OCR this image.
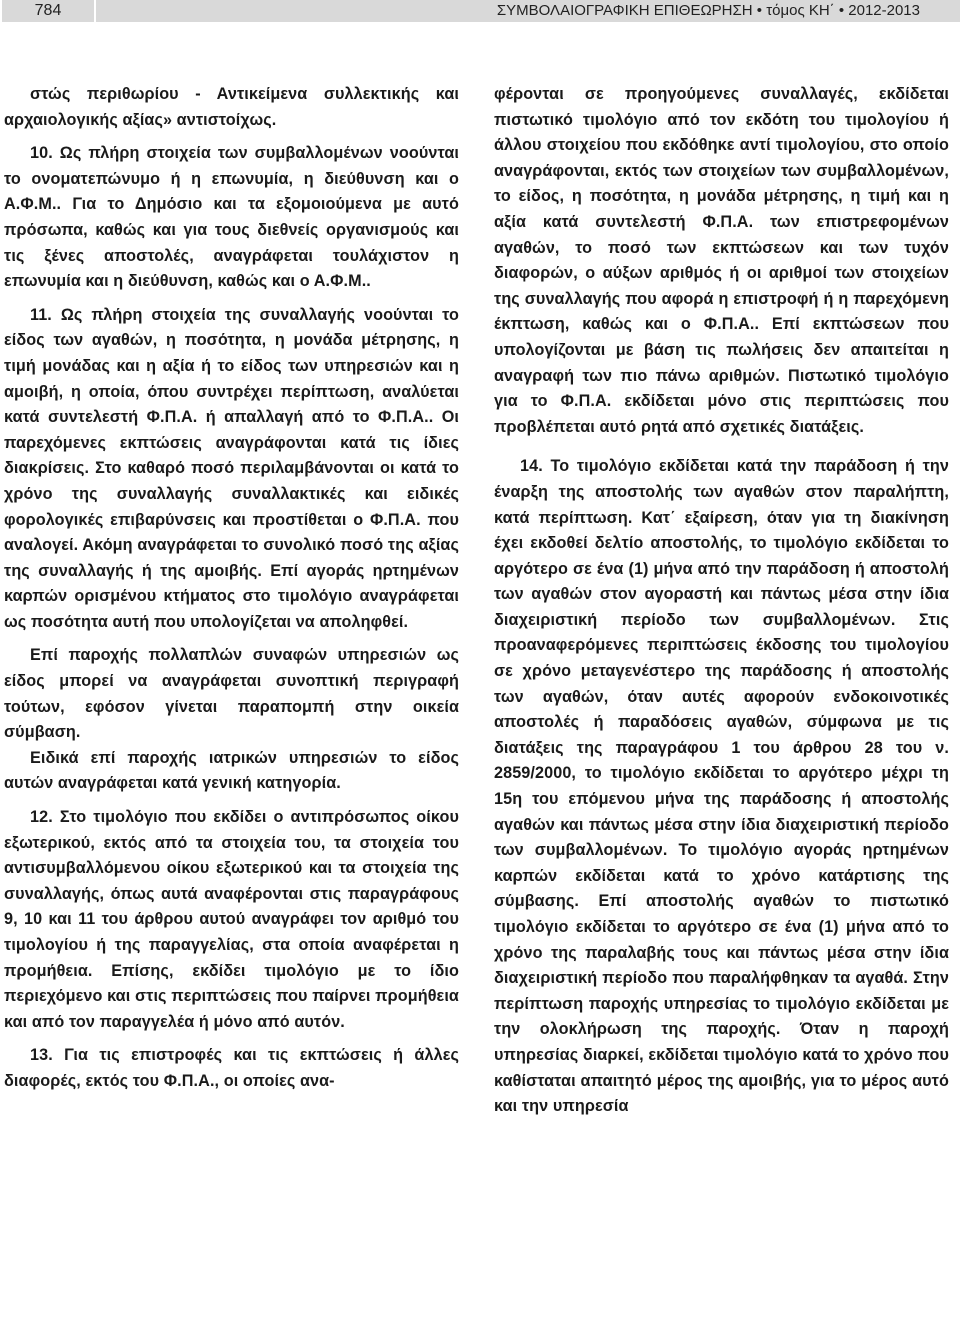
784	ΣΥΜΒΟΛΑΙΟΓΡΑΦΙΚΗ ΕΠΙΘΕΩΡΗΣΗ • τόμος ΚΗ΄ • 2012-2013

στώς περιθωρίου - Αντικείμενα συλλεκτικής και αρχαιολογικής αξίας» αντιστοίχως.

10. Ως πλήρη στοιχεία των συμβαλλομένων νοούνται το ονοματεπώνυμο ή η επωνυμία, η διεύθυνση και ο Α.Φ.Μ.. Για το Δημόσιο και τα εξομοιούμενα με αυτό πρόσωπα, καθώς και για τους διεθνείς οργανισμούς και τις ξένες αποστολές, αναγράφεται τουλάχιστον η επωνυμία και η διεύθυνση, καθώς και ο Α.Φ.Μ..

11. Ως πλήρη στοιχεία της συναλλαγής νοούνται το είδος των αγαθών, η ποσότητα, η μονάδα μέτρησης, η τιμή μονάδας και η αξία ή το είδος των υπηρεσιών και η αμοιβή, η οποία, όπου συντρέχει περίπτωση, αναλύεται κατά συντελεστή Φ.Π.Α. ή απαλλαγή από το Φ.Π.Α.. Οι παρεχόμενες εκπτώσεις αναγράφονται κατά τις ίδιες διακρίσεις. Στο καθαρό ποσό περιλαμβάνονται οι κατά το χρόνο της συναλλαγής συναλλακτικές και ειδικές φορολογικές επιβαρύνσεις και προστίθεται ο Φ.Π.Α. που αναλογεί. Ακόμη αναγράφεται το συνολικό ποσό της αξίας της συναλλαγής ή της αμοιβής. Επί αγοράς ηρτημένων καρπών ορισμένου κτήματος στο τιμολόγιο αναγράφεται ως ποσότητα αυτή που υπολογίζεται να αποληφθεί.

Επί παροχής πολλαπλών συναφών υπηρεσιών ως είδος μπορεί να αναγράφεται συνοπτική περιγραφή τούτων, εφόσον γίνεται παραπομπή στην οικεία σύμβαση.

Ειδικά επί παροχής ιατρικών υπηρεσιών το είδος αυτών αναγράφεται κατά γενική κατηγορία.

12. Στο τιμολόγιο που εκδίδει ο αντιπρόσωπος οίκου εξωτερικού, εκτός από τα στοιχεία του, τα στοιχεία του αντισυμβαλλόμενου οίκου εξωτερικού και τα στοιχεία της συναλλαγής, όπως αυτά αναφέρονται στις παραγράφους 9, 10 και 11 του άρθρου αυτού αναγράφει τον αριθμό του τιμολογίου ή της παραγγελίας, στα οποία αναφέρεται η προμήθεια. Επίσης, εκδίδει τιμολόγιο με το ίδιο περιεχόμενο και στις περιπτώσεις που παίρνει προμήθεια και από τον παραγγελέα ή μόνο από αυτόν.

13. Για τις επιστροφές και τις εκπτώσεις ή άλλες διαφορές, εκτός του Φ.Π.Α., οι οποίες ανα-

φέρονται σε προηγούμενες συναλλαγές, εκδίδεται πιστωτικό τιμολόγιο από τον εκδότη του τιμολογίου ή άλλου στοιχείου που εκδόθηκε αντί τιμολογίου, στο οποίο αναγράφονται, εκτός των στοιχείων των συμβαλλομένων, το είδος, η ποσότητα, η μονάδα μέτρησης, η τιμή και η αξία κατά συντελεστή Φ.Π.Α. των επιστρεφομένων αγαθών, το ποσό των εκπτώσεων και των τυχόν διαφορών, ο αύξων αριθμός ή οι αριθμοί των στοιχείων της συναλλαγής που αφορά η επιστροφή ή η παρεχόμενη έκπτωση, καθώς και ο Φ.Π.Α.. Επί εκπτώσεων που υπολογίζονται με βάση τις πωλήσεις δεν απαιτείται η αναγραφή των πιο πάνω αριθμών. Πιστωτικό τιμολόγιο για το Φ.Π.Α. εκδίδεται μόνο στις περιπτώσεις που προβλέπεται αυτό ρητά από σχετικές διατάξεις.

14. Το τιμολόγιο εκδίδεται κατά την παράδοση ή την έναρξη της αποστολής των αγαθών στον παραλήπτη, κατά περίπτωση. Κατ΄ εξαίρεση, όταν για τη διακίνηση έχει εκδοθεί δελτίο αποστολής, το τιμολόγιο εκδίδεται το αργότερο σε ένα (1) μήνα από την παράδοση ή αποστολή των αγαθών στον αγοραστή και πάντως μέσα στην ίδια διαχειριστική περίοδο των συμβαλλομένων. Στις προαναφερόμενες περιπτώσεις έκδοσης του τιμολογίου σε χρόνο μεταγενέστερο της παράδοσης ή αποστολής των αγαθών, όταν αυτές αφορούν ενδοκοινοτικές αποστολές ή παραδόσεις αγαθών, σύμφωνα με τις διατάξεις της παραγράφου 1 του άρθρου 28 του ν. 2859/2000, το τιμολόγιο εκδίδεται το αργότερο μέχρι τη 15η του επόμενου μήνα της παράδοσης ή αποστολής αγαθών και πάντως μέσα στην ίδια διαχειριστική περίοδο των συμβαλλομένων. Το τιμολόγιο αγοράς ηρτημένων καρπών εκδίδεται κατά το χρόνο κατάρτισης της σύμβασης. Επί αποστολής αγαθών το πιστωτικό τιμολόγιο εκδίδεται το αργότερο σε ένα (1) μήνα από το χρόνο της παραλαβής τους και πάντως μέσα στην ίδια διαχειριστική περίοδο που παραλήφθηκαν τα αγαθά. Στην περίπτωση παροχής υπηρεσίας το τιμολόγιο εκδίδεται με την ολοκλήρωση της παροχής. Όταν η παροχή υπηρεσίας διαρκεί, εκδίδεται τιμολόγιο κατά το χρόνο που καθίσταται απαιτητό μέρος της αμοιβής, για το μέρος αυτό και την υπηρεσία
